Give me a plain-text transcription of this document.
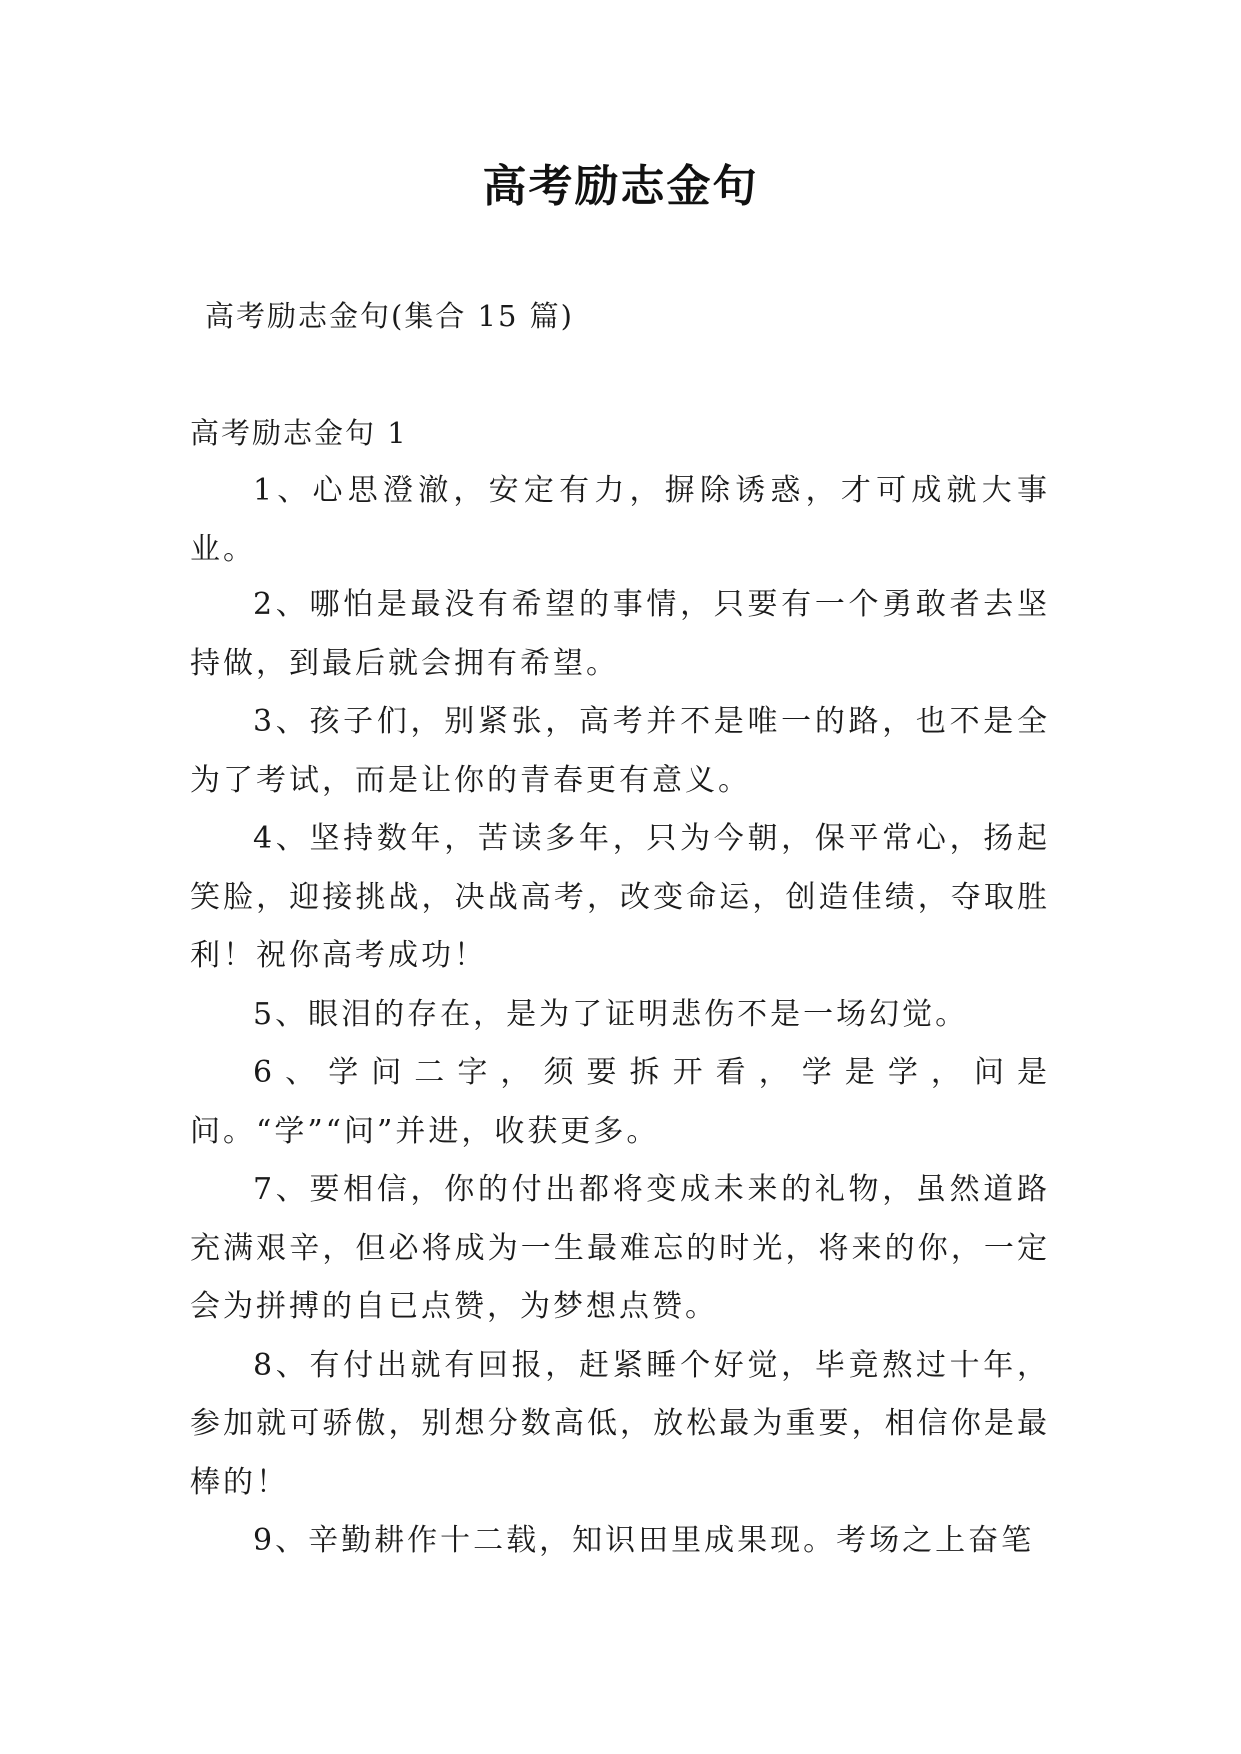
高考励志金句
高考励志金句(集合 15 篇)
高考励志金句 1

1、心思澄澈，安定有力，摒除诱惑，才可成就大事业。

2、哪怕是最没有希望的事情，只要有一个勇敢者去坚持做，到最后就会拥有希望。

3、孩子们，别紧张，高考并不是唯一的路，也不是全为了考试，而是让你的青春更有意义。

4、坚持数年，苦读多年，只为今朝，保平常心，扬起笑脸，迎接挑战，决战高考，改变命运，创造佳绩，夺取胜利！祝你高考成功！

5、眼泪的存在，是为了证明悲伤不是一场幻觉。

6、学问二字，须要拆开看，学是学，问是问。“学”“问”并进，收获更多。

7、要相信，你的付出都将变成未来的礼物，虽然道路充满艰辛，但必将成为一生最难忘的时光，将来的你，一定会为拼搏的自已点赞，为梦想点赞。

8、有付出就有回报，赶紧睡个好觉，毕竟熬过十年，参加就可骄傲，别想分数高低，放松最为重要，相信你是最棒的！

9、辛勤耕作十二载，知识田里成果现。考场之上奋笔
